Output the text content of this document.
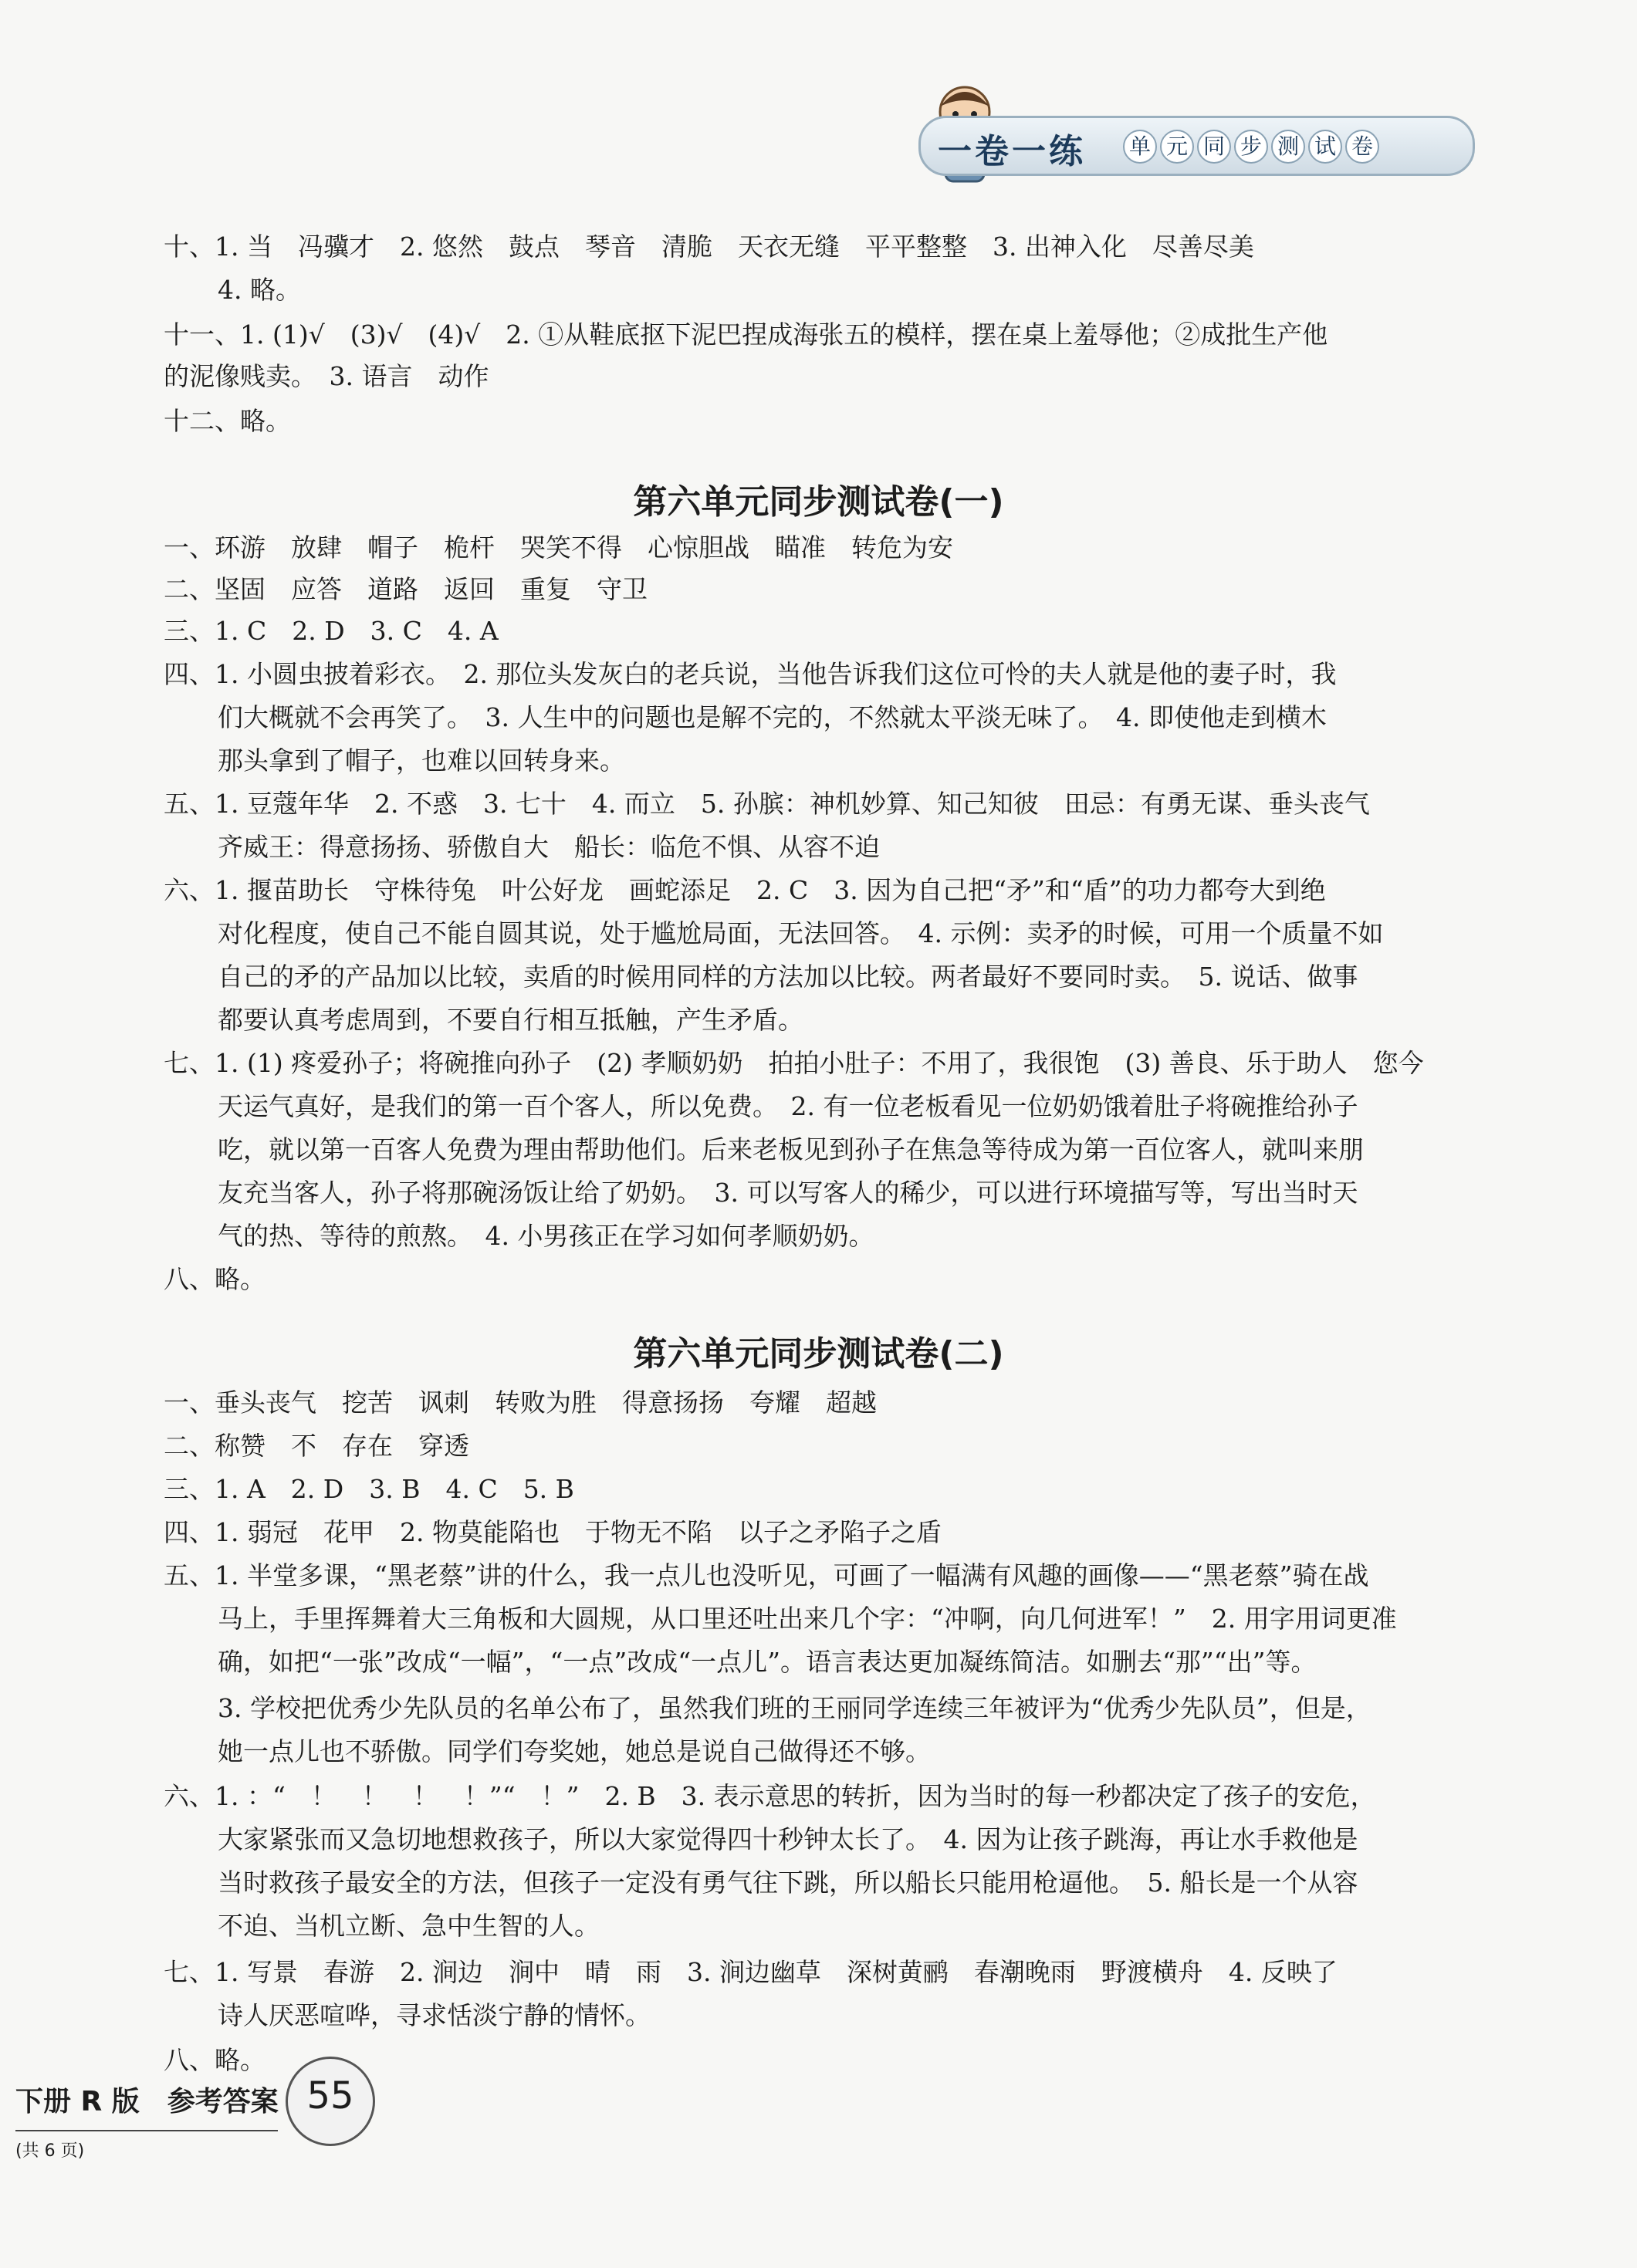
一卷一练 单 元 同 步 测 试 卷
十、1. 当　冯骥才　2. 悠然　鼓点　琴音　清脆　天衣无缝　平平整整　3. 出神入化　尽善尽美
4. 略。
十一、1. (1)√　(3)√　(4)√　2. ①从鞋底抠下泥巴捏成海张五的模样，摆在桌上羞辱他；②成批生产他
的泥像贱卖。　3. 语言　动作
十二、略。
第六单元同步测试卷(一)
一、环游　放肆　帽子　桅杆　哭笑不得　心惊胆战　瞄准　转危为安
二、坚固　应答　道路　返回　重复　守卫
三、1. C　2. D　3. C　4. A
四、1. 小圆虫披着彩衣。　2. 那位头发灰白的老兵说，当他告诉我们这位可怜的夫人就是他的妻子时，我
们大概就不会再笑了。　3. 人生中的问题也是解不完的，不然就太平淡无味了。　4. 即使他走到横木
那头拿到了帽子，也难以回转身来。
五、1. 豆蔻年华　2. 不惑　3. 七十　4. 而立　5. 孙膑：神机妙算、知己知彼　田忌：有勇无谋、垂头丧气
齐威王：得意扬扬、骄傲自大　船长：临危不惧、从容不迫
六、1. 揠苗助长　守株待兔　叶公好龙　画蛇添足　2. C　3. 因为自己把“矛”和“盾”的功力都夸大到绝
对化程度，使自己不能自圆其说，处于尴尬局面，无法回答。　4. 示例：卖矛的时候，可用一个质量不如
自己的矛的产品加以比较，卖盾的时候用同样的方法加以比较。两者最好不要同时卖。　5. 说话、做事
都要认真考虑周到，不要自行相互抵触，产生矛盾。
七、1. (1) 疼爱孙子；将碗推向孙子　(2) 孝顺奶奶　拍拍小肚子：不用了，我很饱　(3) 善良、乐于助人　您今
天运气真好，是我们的第一百个客人，所以免费。　2. 有一位老板看见一位奶奶饿着肚子将碗推给孙子
吃，就以第一百客人免费为理由帮助他们。后来老板见到孙子在焦急等待成为第一百位客人，就叫来朋
友充当客人，孙子将那碗汤饭让给了奶奶。　3. 可以写客人的稀少，可以进行环境描写等，写出当时天
气的热、等待的煎熬。　4. 小男孩正在学习如何孝顺奶奶。
八、略。
第六单元同步测试卷(二)
一、垂头丧气　挖苦　讽刺　转败为胜　得意扬扬　夸耀　超越
二、称赞　不　存在　穿透
三、1. A　2. D　3. B　4. C　5. B
四、1. 弱冠　花甲　2. 物莫能陷也　于物无不陷　以子之矛陷子之盾
五、1. 半堂多课，“黑老蔡”讲的什么，我一点儿也没听见，可画了一幅满有风趣的画像——“黑老蔡”骑在战
马上，手里挥舞着大三角板和大圆规，从口里还吐出来几个字：“冲啊，向几何进军！”　2. 用字用词更准
确，如把“一张”改成“一幅”，“一点”改成“一点儿”。语言表达更加凝练简洁。如删去“那”“出”等。
3. 学校把优秀少先队员的名单公布了，虽然我们班的王丽同学连续三年被评为“优秀少先队员”，但是，
她一点儿也不骄傲。同学们夸奖她，她总是说自己做得还不够。
六、1. ：“　！　！　！　！”“　！”　2. B　3. 表示意思的转折，因为当时的每一秒都决定了孩子的安危，
大家紧张而又急切地想救孩子，所以大家觉得四十秒钟太长了。　4. 因为让孩子跳海，再让水手救他是
当时救孩子最安全的方法，但孩子一定没有勇气往下跳，所以船长只能用枪逼他。　5. 船长是一个从容
不迫、当机立断、急中生智的人。
七、1. 写景　春游　2. 涧边　涧中　晴　雨　3. 涧边幽草　深树黄鹂　春潮晚雨　野渡横舟　4. 反映了
诗人厌恶喧哗，寻求恬淡宁静的情怀。
八、略。
下册 R 版　参考答案
(共 6 页)
55
